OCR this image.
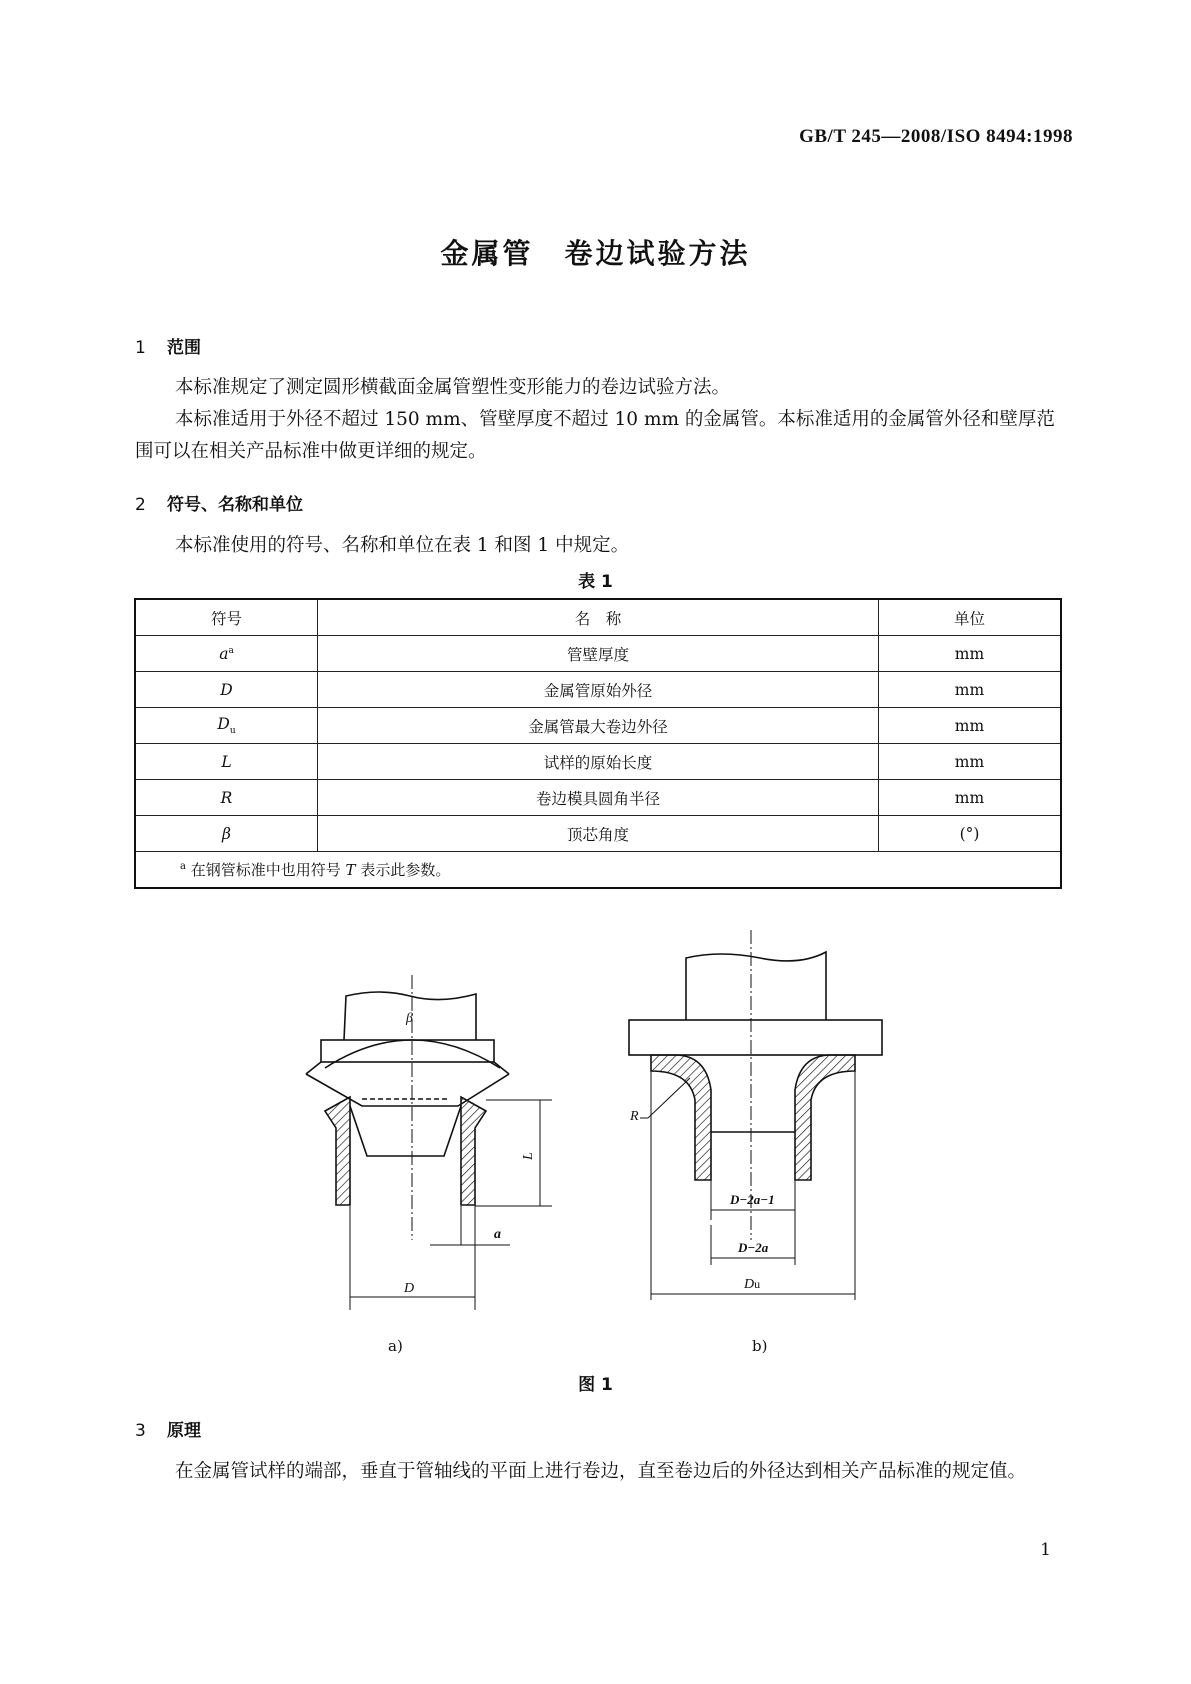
GB/T 245—2008/ISO 8494:1998
金属管　卷边试验方法
1 范围
本标准规定了测定圆形横截面金属管塑性变形能力的卷边试验方法。
本标准适用于外径不超过 150 mm、管壁厚度不超过 10 mm 的金属管。本标准适用的金属管外径和壁厚范围可以在相关产品标准中做更详细的规定。
2 符号、名称和单位
本标准使用的符号、名称和单位在表 1 和图 1 中规定。
表 1
符号	名　称	单位
$a^a$	管壁厚度	mm
D	金属管原始外径	mm
$D_u$	金属管最大卷边外径	mm
L	试样的原始长度	mm
R	卷边模具圆角半径	mm
β	顶芯角度	(°)
$^a$ 在钢管标准中也用符号 T 表示此参数。		
β
L
a
D
R
D−2a−1
D−2a
Du
a)	b)
图 1
3 原理
在金属管试样的端部，垂直于管轴线的平面上进行卷边，直至卷边后的外径达到相关产品标准的规定值。
1
